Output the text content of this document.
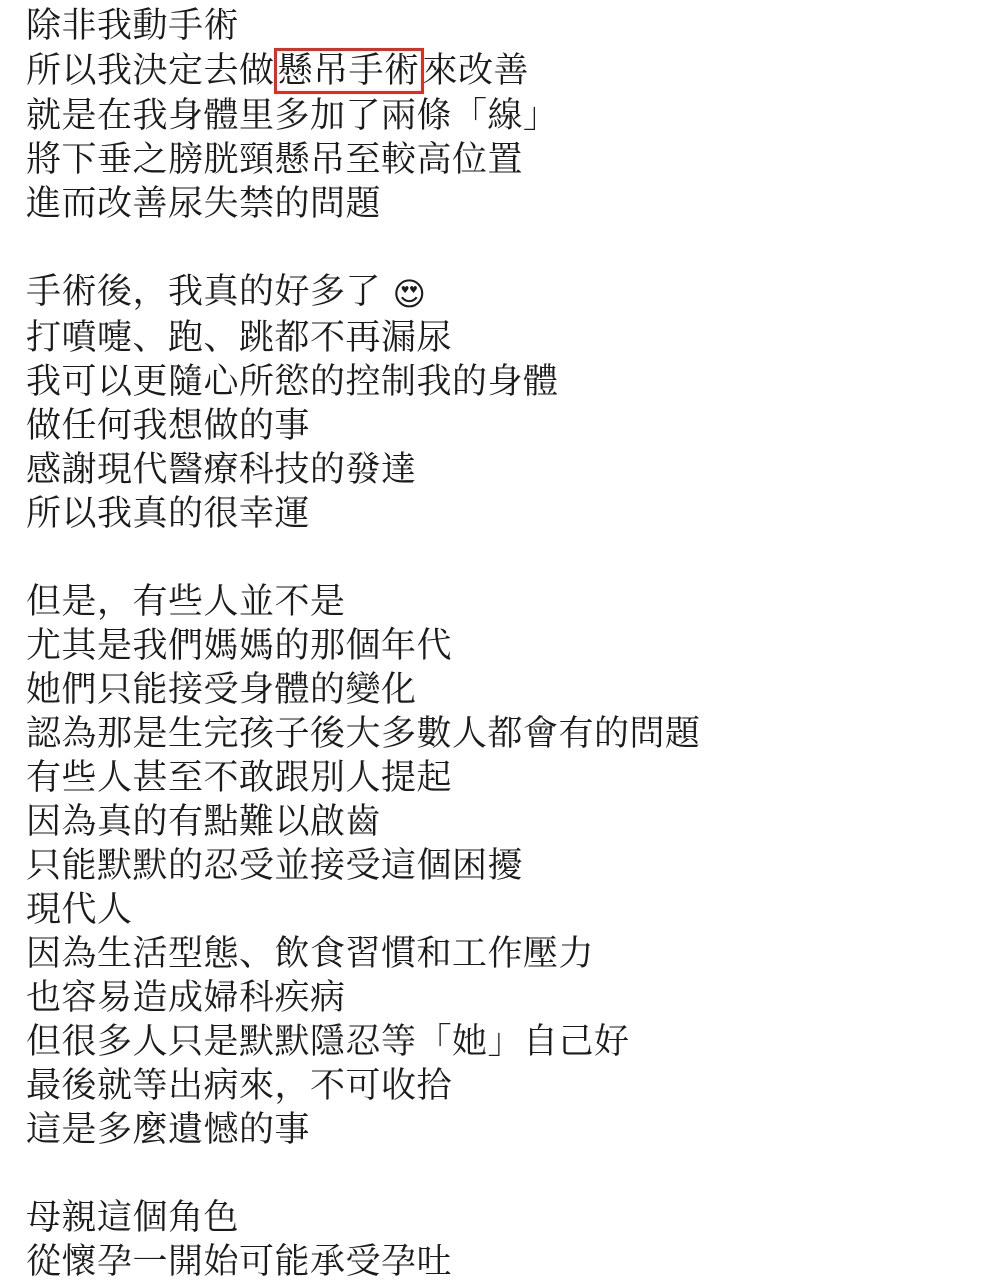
除非我動手術
所以我決定去做懸吊手術來改善
就是在我身體里多加了兩條「線」
將下垂之膀胱頸懸吊至較高位置
進而改善尿失禁的問題

手術後，我真的好多了 😍
打噴嚏、跑、跳都不再漏尿
我可以更隨心所慾的控制我的身體
做任何我想做的事
感謝現代醫療科技的發達
所以我真的很幸運

但是，有些人並不是
尤其是我們媽媽的那個年代
她們只能接受身體的變化
認為那是生完孩子後大多數人都會有的問題
有些人甚至不敢跟別人提起
因為真的有點難以啟齒
只能默默的忍受並接受這個困擾
現代人
因為生活型態、飲食習慣和工作壓力
也容易造成婦科疾病
但很多人只是默默隱忍等「她」自己好
最後就等出病來，不可收拾
這是多麼遺憾的事

母親這個角色
從懷孕一開始可能承受孕吐
